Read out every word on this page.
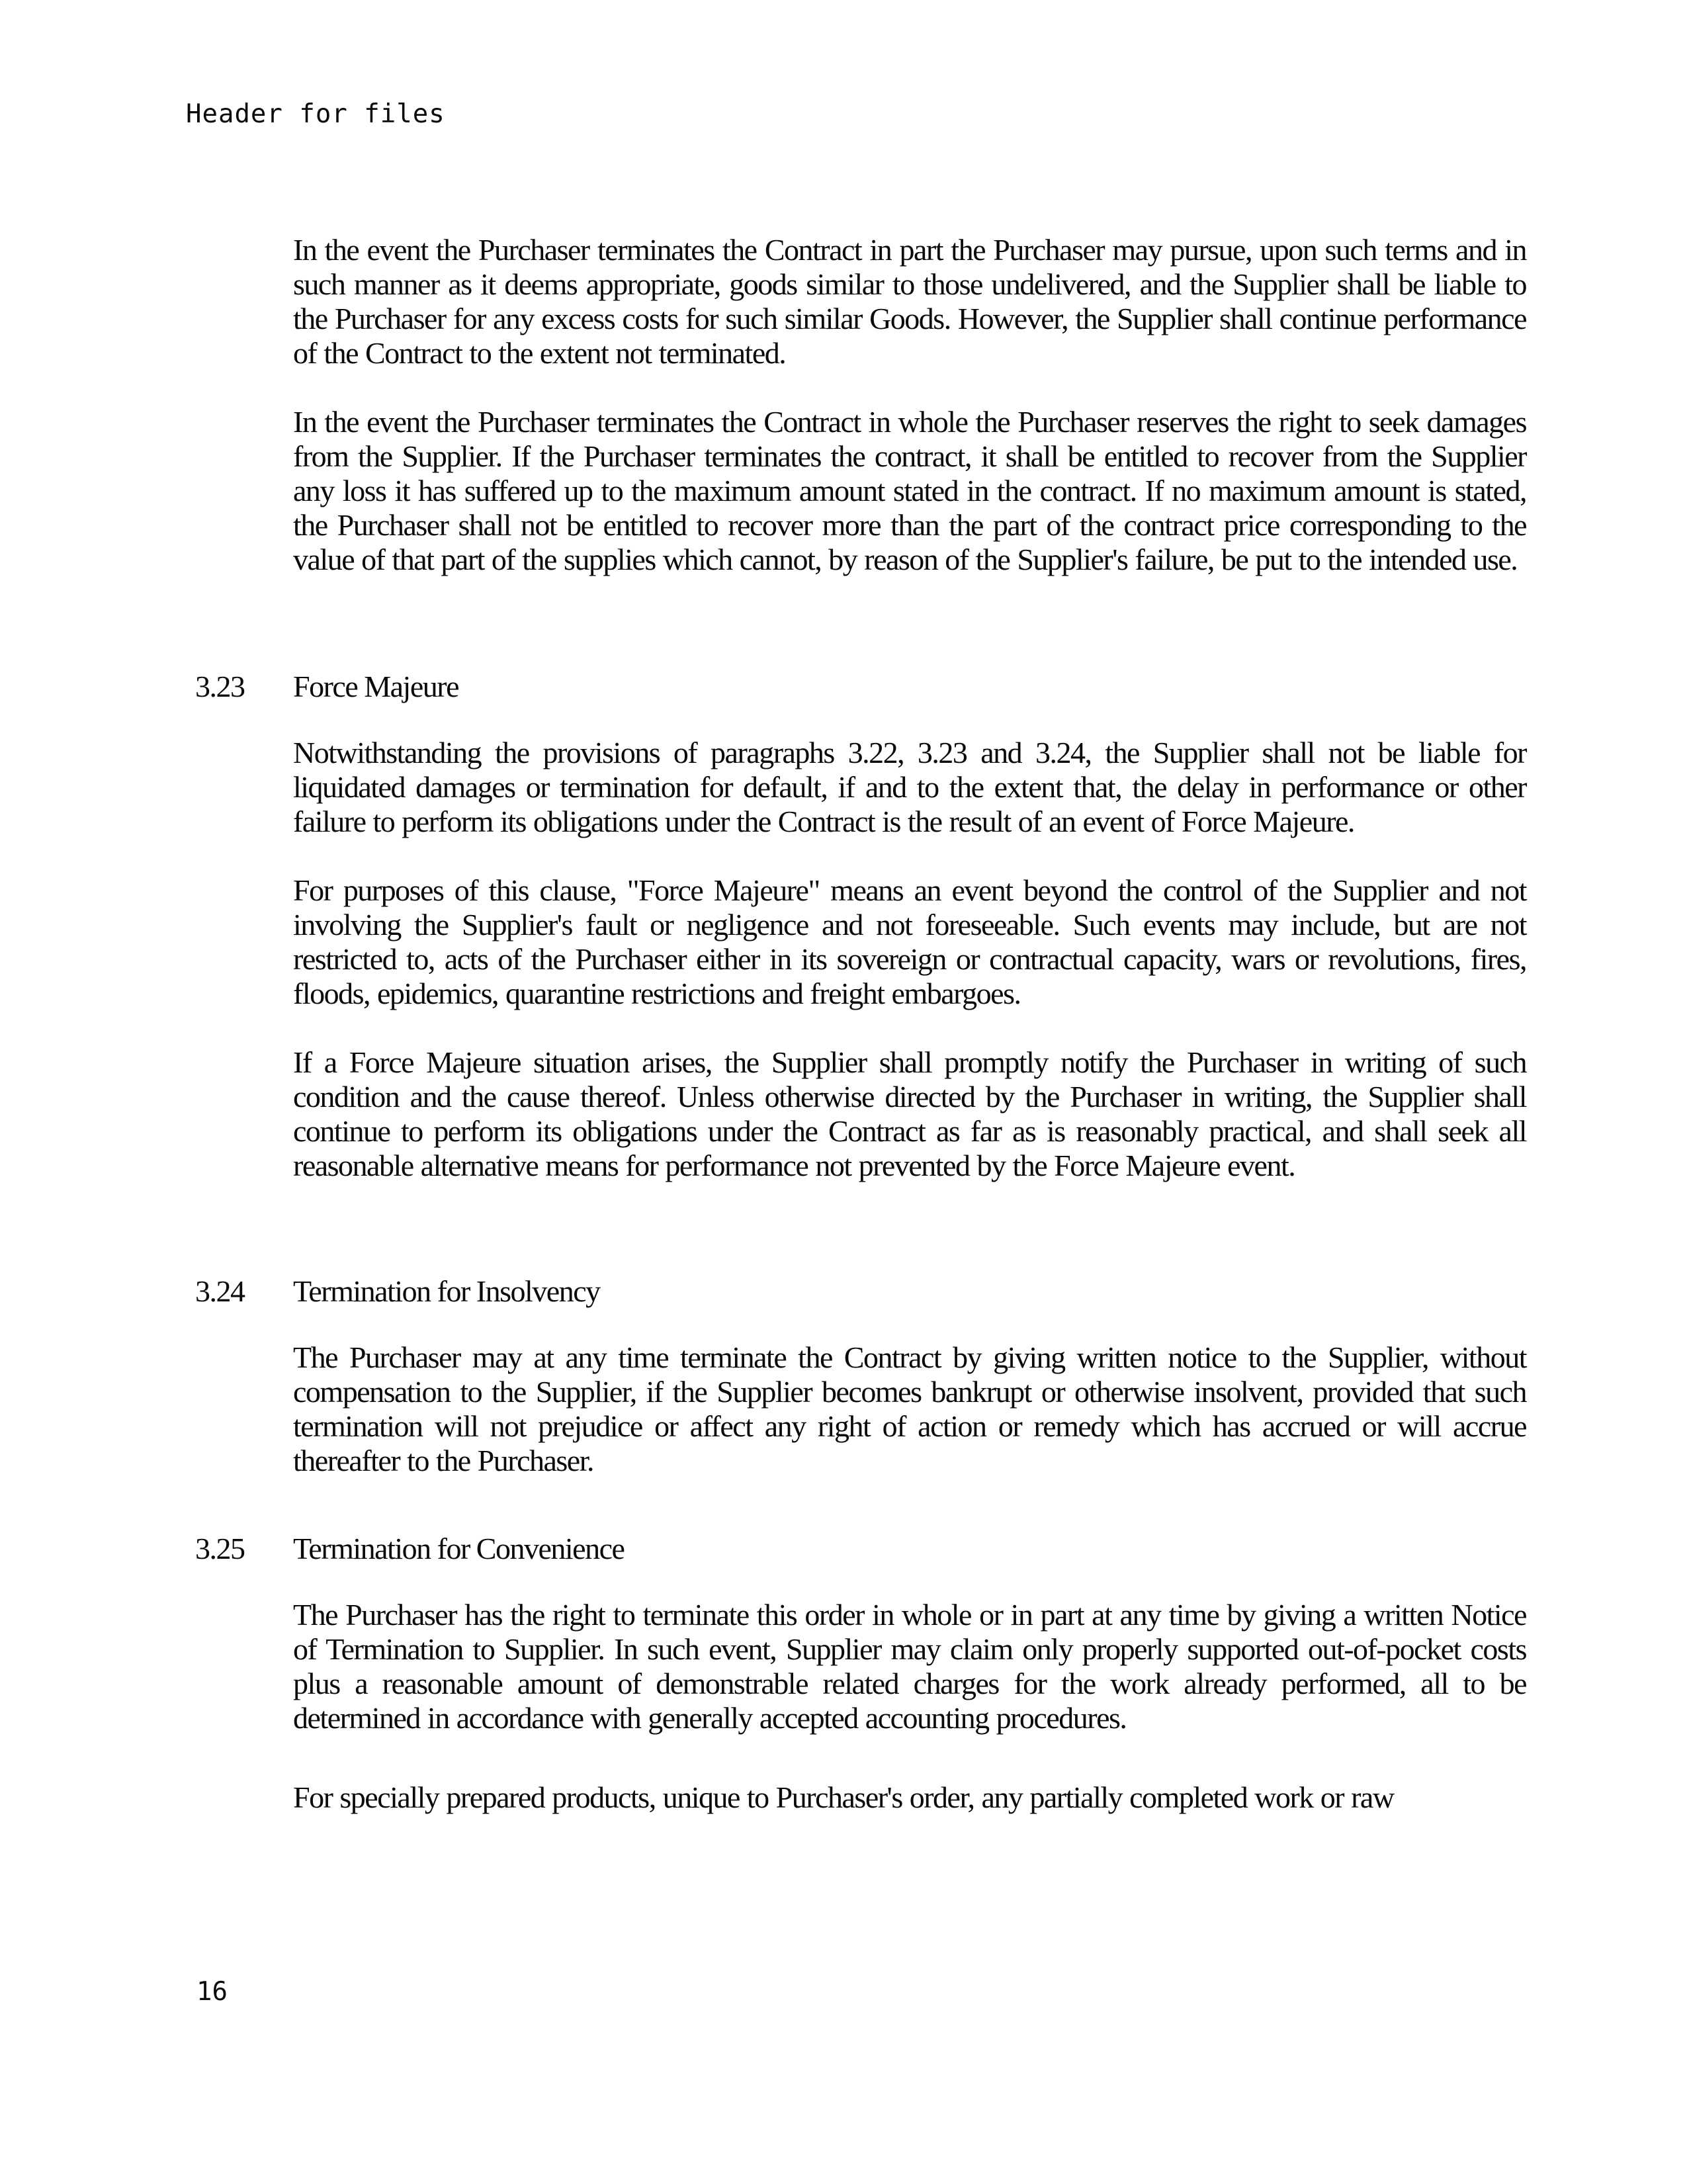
Header for files

In the event the Purchaser terminates the Contract in part the Purchaser may pursue, upon such terms and in such manner as it deems appropriate, goods similar to those undelivered, and the Supplier shall be liable to the Purchaser for any excess costs for such similar Goods. However, the Supplier shall continue performance of the Contract to the extent not terminated.

In the event the Purchaser terminates the Contract in whole the Purchaser reserves the right to seek damages from the Supplier. If the Purchaser terminates the contract, it shall be entitled to recover from the Supplier any loss it has suffered up to the maximum amount stated in the contract. If no maximum amount is stated, the Purchaser shall not be entitled to recover more than the part of the contract price corresponding to the value of that part of the supplies which cannot, by reason of the Supplier's failure, be put to the intended use.

3.23	Force Majeure

Notwithstanding the provisions of paragraphs 3.22, 3.23 and 3.24, the Supplier shall not be liable for liquidated damages or termination for default, if and to the extent that, the delay in performance or other failure to perform its obligations under the Contract is the result of an event of Force Majeure.

For purposes of this clause, "Force Majeure" means an event beyond the control of the Supplier and not involving the Supplier's fault or negligence and not foreseeable. Such events may include, but are not restricted to, acts of the Purchaser either in its sovereign or contractual capacity, wars or revolutions, fires, floods, epidemics, quarantine restrictions and freight embargoes.

If a Force Majeure situation arises, the Supplier shall promptly notify the Purchaser in writing of such condition and the cause thereof. Unless otherwise directed by the Purchaser in writing, the Supplier shall continue to perform its obligations under the Contract as far as is reasonably practical, and shall seek all reasonable alternative means for performance not prevented by the Force Majeure event.

3.24	Termination for Insolvency

The Purchaser may at any time terminate the Contract by giving written notice to the Supplier, without compensation to the Supplier, if the Supplier becomes bankrupt or otherwise insolvent, provided that such termination will not prejudice or affect any right of action or remedy which has accrued or will accrue thereafter to the Purchaser.

3.25	Termination for Convenience

The Purchaser has the right to terminate this order in whole or in part at any time by giving a written Notice of Termination to Supplier. In such event, Supplier may claim only properly supported out-of-pocket costs plus a reasonable amount of demonstrable related charges for the work already performed, all to be determined in accordance with generally accepted accounting procedures.

For specially prepared products, unique to Purchaser's order, any partially completed work or raw

16
